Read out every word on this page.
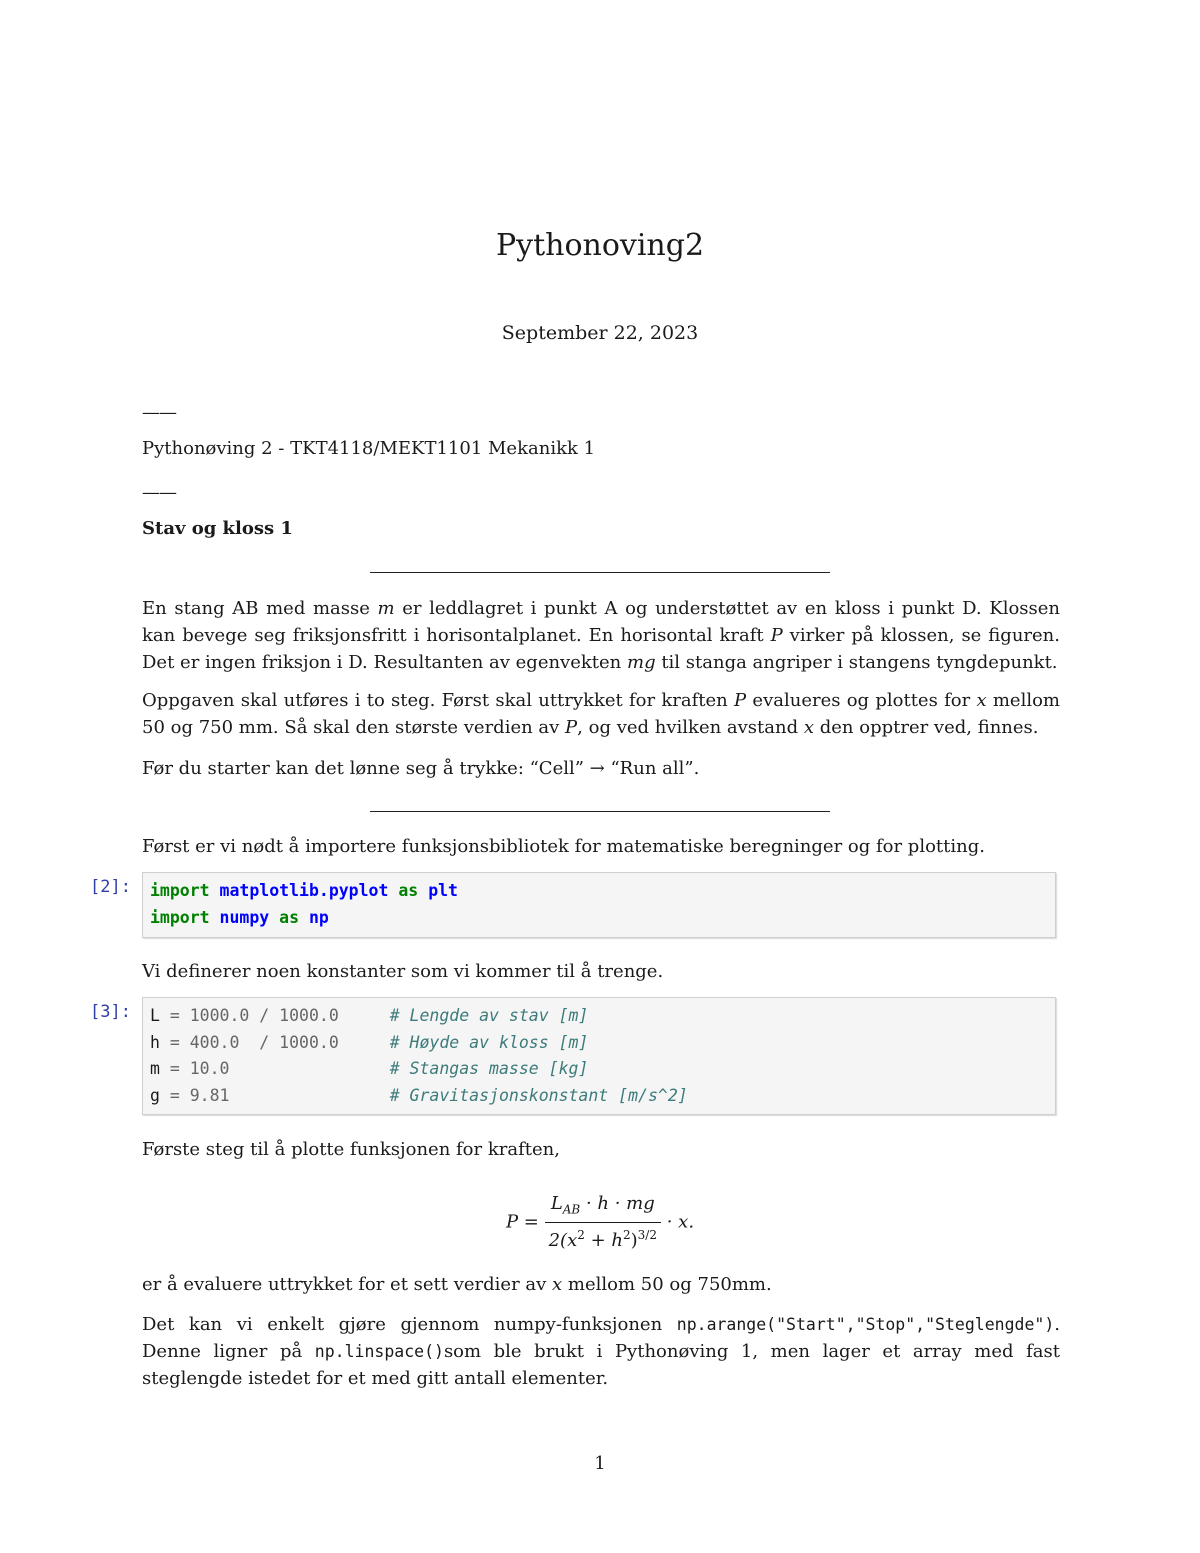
Pythonoving2
September 22, 2023
——
Pythonøving 2 - TKT4118/MEKT1101 Mekanikk 1
——
Stav og kloss 1
En stang AB med masse m er leddlagret i punkt A og understøttet av en kloss i punkt D. Klossen kan bevege seg friksjonsfritt i horisontalplanet. En horisontal kraft P virker på klossen, se figuren. Det er ingen friksjon i D. Resultanten av egenvekten mg til stanga angriper i stangens tyngdepunkt.
Oppgaven skal utføres i to steg. Først skal uttrykket for kraften P evalueres og plottes for x mellom 50 og 750 mm. Så skal den største verdien av P, og ved hvilken avstand x den opptrer ved, finnes.
Før du starter kan det lønne seg å trykke: “Cell” → “Run all”.
Først er vi nødt å importere funksjonsbibliotek for matematiske beregninger og for plotting.
[2]: import matplotlib.pyplot as plt
import numpy as np
Vi definerer noen konstanter som vi kommer til å trenge.
[3]: L = 1000.0 / 1000.0	# Lengde av stav [m]
h = 400.0  / 1000.0	# Høyde av kloss [m]
m = 10.0	# Stangas masse [kg]
g = 9.81	# Gravitasjonskonstant [m/s^2]
Første steg til å plotte funksjonen for kraften,
$P = \frac{L_{AB} \cdot h \cdot mg}{2(x^2 + h^2)^{3/2}} \cdot x$.
er å evaluere uttrykket for et sett verdier av x mellom 50 og 750mm.
Det kan vi enkelt gjøre gjennom numpy-funksjonen np.arange("Start","Stop","Steglengde"). Denne ligner på np.linspace()som ble brukt i Pythonøving 1, men lager et array med fast steglengde istedet for et med gitt antall elementer.
1
